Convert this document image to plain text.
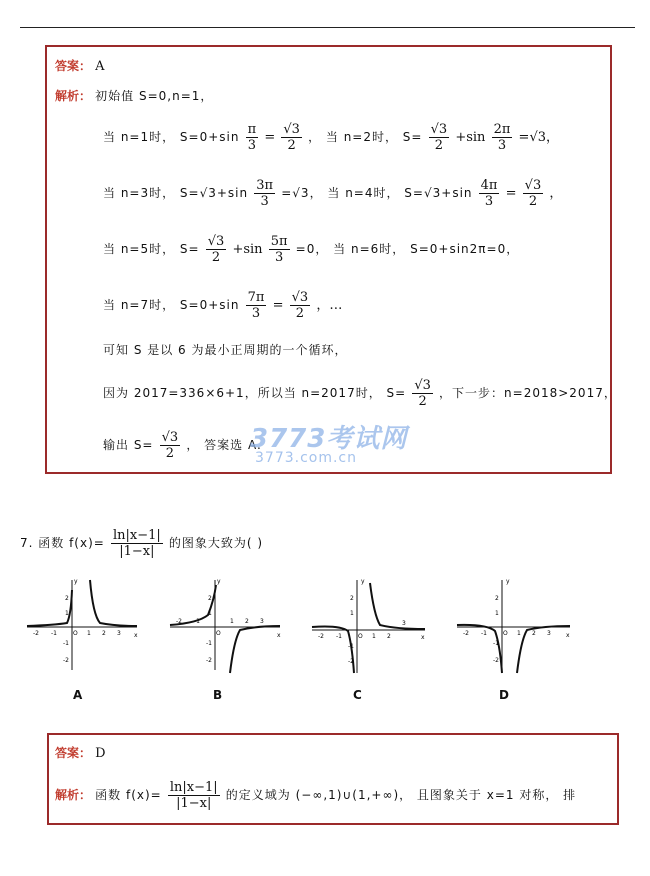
答案： A
解析： 初始值 S=0,n=1，
当 n=1时， $S=0+\sin \frac{\pi}{3} = \frac{√3}{2}$ ， 当 n=2时， $S= \frac{√3}{2} +\sin \frac{2\pi}{3} =√3$，
当 n=3时， $S=√3+\sin \frac{3\pi}{3} =√3$， 当 n=4时， $S=√3+\sin \frac{4\pi}{3} = \frac{√3}{2}$ ，
当 n=5时， $S= \frac{√3}{2} +\sin \frac{5\pi}{3} =0$， 当 n=6时， S=0+sin2π=0，
当 n=7时， $S=0+\sin \frac{7\pi}{3} = \frac{√3}{2}$ ，…
可知 S 是以 6 为最小正周期的一个循环，
因为 2017=336×6+1，所以当 n=2017时， $S= \frac{√3}{2}$ ，下一步：n=2018>2017，
输出 $S= \frac{√3}{2}$ ， 答案选 A.
3773考试网
3773.com.cn
7. 函数 $f(x)= \frac{\ln|x-1|}{|1-x|}$ 的图象大致为( )
y
x
-2 -1	O 1 2 3
2
1
-1
-2
A
y
x
-2 -1
O
1 2 3
2
1
-1
-2
B
y
x
-2 -1	O 1 2
3
2
1
-1
-2
C
y
x
-2 -1	O 1 2 3
2
1
-1
-2
D
答案： D
解析： 函数 $f(x)= \frac{\ln|x-1|}{|1-x|}$ 的定义域为 (−∞,1)∪(1,+∞)， 且图象关于 x=1 对称， 排
